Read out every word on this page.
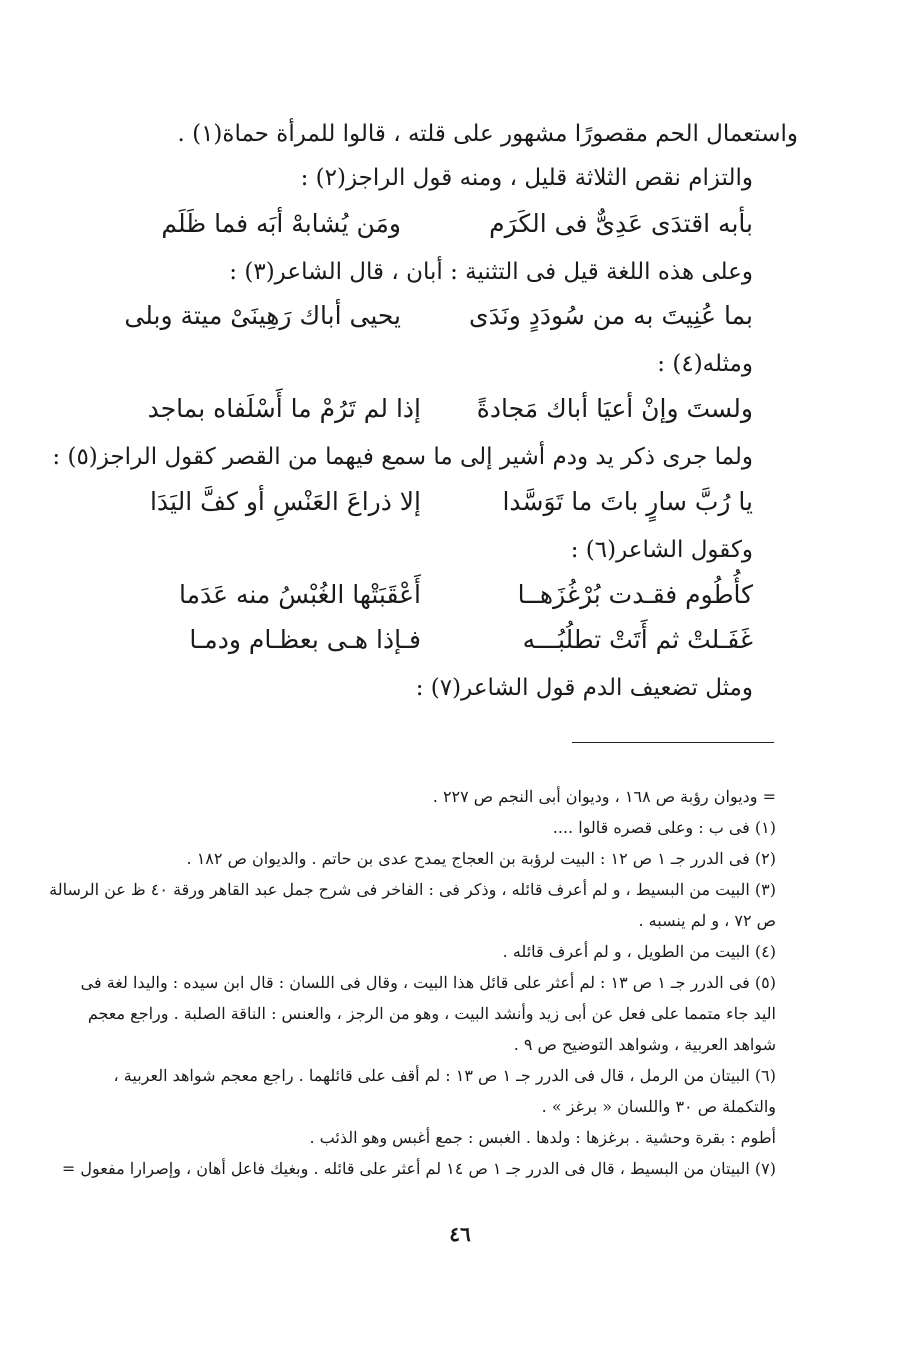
واستعمال الحم مقصورًا مشهور على قلته ، قالوا للمرأة حماة(١) .
والتزام نقص الثلاثة قليل ، ومنه قول الراجز(٢) :
بأبه اقتدَى عَدِىٌّ فى الكَرَم
ومَن يُشابهْ أبَه فما ظَلَم
وعلى هذه اللغة قيل فى التثنية : أبان ، قال الشاعر(٣) :
بما عُنِيتَ به من سُودَدٍ ونَدَى
يحيى أباك رَهِينَىْ ميتة وبلى
ومثله(٤) :
ولستَ وإنْ أعيَا أباك مَجادةً
إذا لم تَرُمْ ما أَسْلَفاه بماجد
ولما جرى ذكر يد ودم أشير إلى ما سمع فيهما من القصر كقول الراجز(٥) :
يا رُبَّ سارٍ باتَ ما تَوَسَّدا
إلا ذراعَ العَنْسِ أو كفَّ اليَدَا
وكقول الشاعر(٦) :
كأُطُوم فقـدت بُرْغُزَهــا
أَعْقَبَتْها الغُبْسُ منه عَدَما
غَفَـلتْ ثم أَتَتْ تطلُبُـــه
فـإذا هـى بعظـام ودمـا
ومثل تضعيف الدم قول الشاعر(٧) :
= وديوان رؤبة ص ١٦٨ ، وديوان أبى النجم ص ٢٢٧ .
(١) فى ب : وعلى قصره قالوا ....
(٢) فى الدرر جـ ١ ص ١٢ : البيت لرؤبة بن العجاج يمدح عدى بن حاتم . والديوان ص ١٨٢ .
(٣) البيت من البسيط ، و لم أعرف قائله ، وذكر فى : الفاخر فى شرح جمل عبد القاهر ورقة ٤٠ ظ عن الرسالة
ص ٧٢ ، و لم ينسبه .
(٤) البيت من الطويل ، و لم أعرف قائله .
(٥) فى الدرر جـ ١ ص ١٣ : لم أعثر على قائل هذا البيت ، وقال فى اللسان : قال ابن سيده : واليدا لغة فى
اليد جاء متمما على فعل عن أبى زيد وأنشد البيت ، وهو من الرجز ، والعنس : الناقة الصلبة . وراجع معجم
شواهد العربية ، وشواهد التوضيح ص ٩ .
(٦) البيتان من الرمل ، قال فى الدرر جـ ١ ص ١٣ : لم أقف على قائلهما . راجع معجم شواهد العربية ،
والتكملة ص ٣٠ واللسان « برغز » .
أطوم : بقرة وحشية . برغزها : ولدها . الغبس : جمع أغبس وهو الذئب .
(٧) البيتان من البسيط ، قال فى الدرر جـ ١ ص ١٤ لم أعثر على قائله . وبغيك فاعل أهان ، وإصرارا مفعول =
٤٦
